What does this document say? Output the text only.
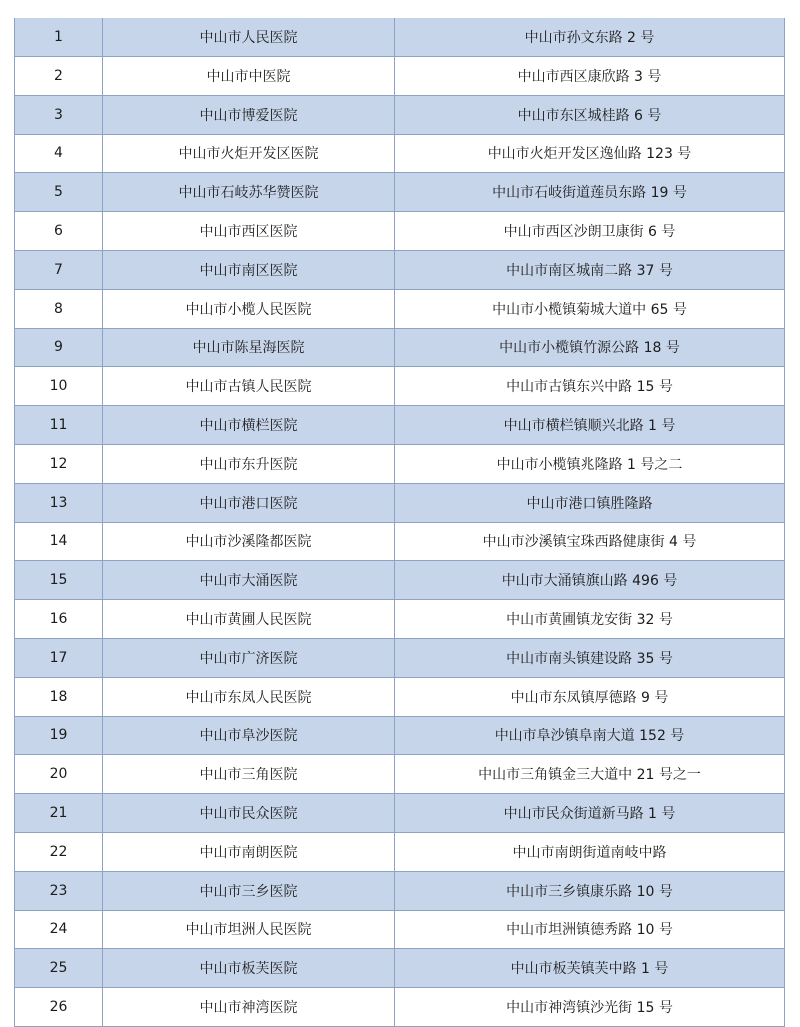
1	中山市人民医院	中山市孙文东路 2 号
2	中山市中医院	中山市西区康欣路 3 号
3	中山市博爱医院	中山市东区城桂路 6 号
4	中山市火炬开发区医院	中山市火炬开发区逸仙路 123 号
5	中山市石岐苏华赞医院	中山市石岐街道莲员东路 19 号
6	中山市西区医院	中山市西区沙朗卫康街 6 号
7	中山市南区医院	中山市南区城南二路 37 号
8	中山市小榄人民医院	中山市小榄镇菊城大道中 65 号
9	中山市陈星海医院	中山市小榄镇竹源公路 18 号
10	中山市古镇人民医院	中山市古镇东兴中路 15 号
11	中山市横栏医院	中山市横栏镇顺兴北路 1 号
12	中山市东升医院	中山市小榄镇兆隆路 1 号之二
13	中山市港口医院	中山市港口镇胜隆路
14	中山市沙溪隆都医院	中山市沙溪镇宝珠西路健康街 4 号
15	中山市大涌医院	中山市大涌镇旗山路 496 号
16	中山市黄圃人民医院	中山市黄圃镇龙安街 32 号
17	中山市广济医院	中山市南头镇建设路 35 号
18	中山市东凤人民医院	中山市东凤镇厚德路 9 号
19	中山市阜沙医院	中山市阜沙镇阜南大道 152 号
20	中山市三角医院	中山市三角镇金三大道中 21 号之一
21	中山市民众医院	中山市民众街道新马路 1 号
22	中山市南朗医院	中山市南朗街道南岐中路
23	中山市三乡医院	中山市三乡镇康乐路 10 号
24	中山市坦洲人民医院	中山市坦洲镇德秀路 10 号
25	中山市板芙医院	中山市板芙镇芙中路 1 号
26	中山市神湾医院	中山市神湾镇沙光街 15 号
